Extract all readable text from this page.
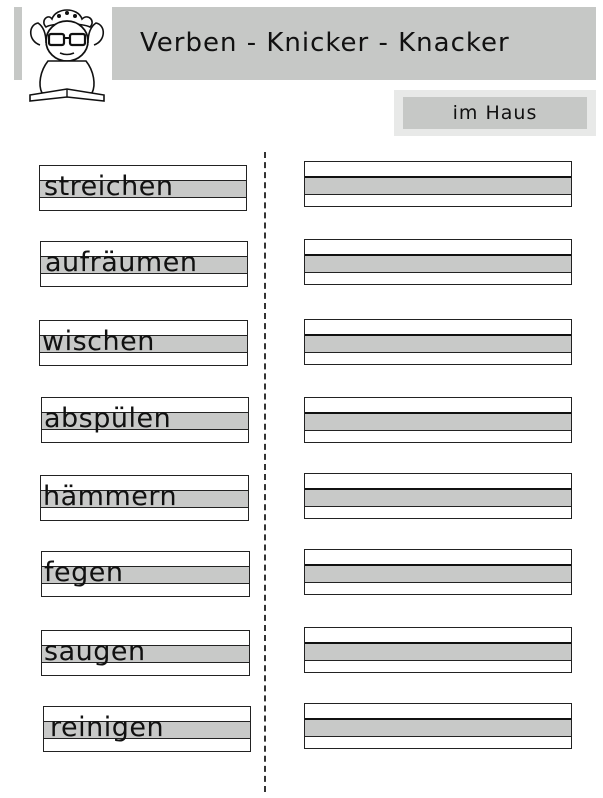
Verben - Knicker - Knacker
im Haus
streichen
aufräumen
wischen
abspülen
hämmern
fegen
saugen
reinigen
